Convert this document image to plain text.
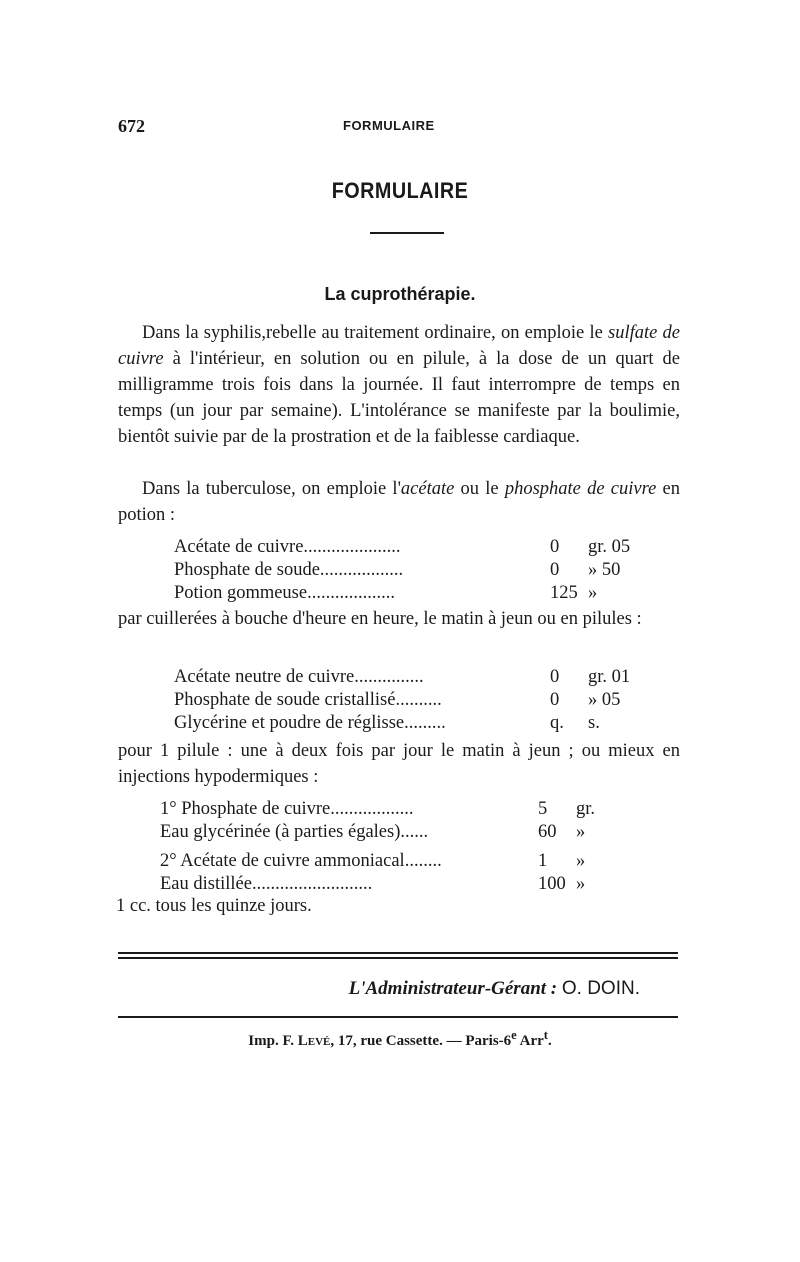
672	FORMULAIRE
FORMULAIRE
La cuprothérapie.
Dans la syphilis,rebelle au traitement ordinaire, on emploie le sulfate de cuivre à l'intérieur, en solution ou en pilule, à la dose de un quart de milligramme trois fois dans la journée. Il faut interrompre de temps en temps (un jour par semaine). L'intolérance se manifeste par la boulimie, bientôt suivie par de la prostration et de la faiblesse cardiaque.
Dans la tuberculose, on emploie l'acétate ou le phosphate de cuivre en potion :
Acétate de cuivre.....................	0 gr. 05
Phosphate de soude..................	0 » 50
Potion gommeuse...................	125 »
par cuillerées à bouche d'heure en heure, le matin à jeun ou en pilules :
Acétate neutre de cuivre...............	0 gr. 01
Phosphate de soude cristallisé..........	0 » 05
Glycérine et poudre de réglisse.........	q. s.
pour 1 pilule : une à deux fois par jour le matin à jeun ; ou mieux en injections hypodermiques :
1° Phosphate de cuivre..................	5 gr.
Eau glycérinée (à parties égales)......	60 »
2° Acétate de cuivre ammoniacal........	1 »
Eau distillée..........................	100 »
1 cc. tous les quinze jours.
L'Administrateur-Gérant : O. DOIN.
Imp. F. Levé, 17, rue Cassette. — Paris-6e Arr$^t$.
